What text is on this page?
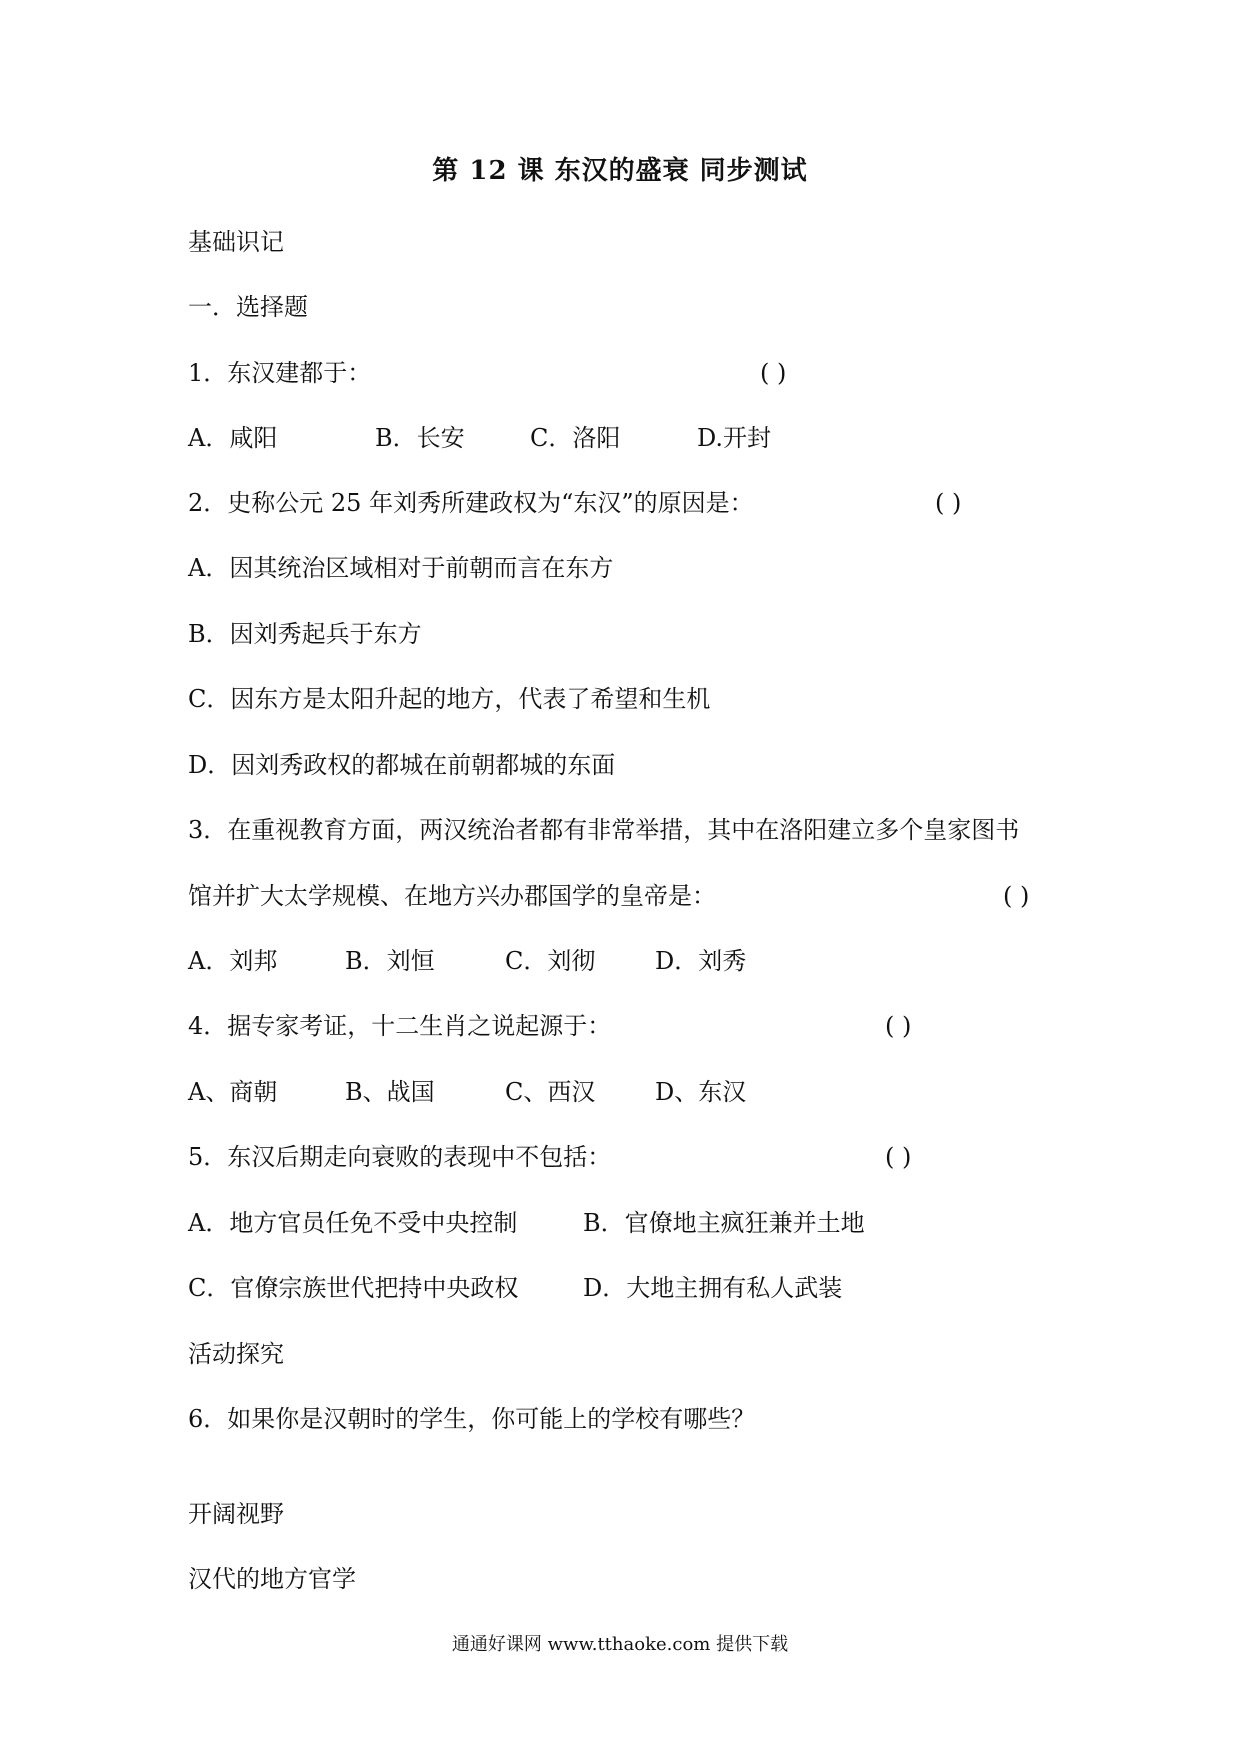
第 12 课 东汉的盛衰 同步测试
基础识记
一．选择题
1．东汉建都于：	( )
A．咸阳	B．长安	C．洛阳	D.开封
2．史称公元 25 年刘秀所建政权为“东汉”的原因是：	( )
A．因其统治区域相对于前朝而言在东方
B．因刘秀起兵于东方
C．因东方是太阳升起的地方，代表了希望和生机
D．因刘秀政权的都城在前朝都城的东面
3．在重视教育方面，两汉统治者都有非常举措，其中在洛阳建立多个皇家图书
馆并扩大太学规模、在地方兴办郡国学的皇帝是：	( )
A．刘邦	B．刘恒	C．刘彻 D．刘秀
4．据专家考证，十二生肖之说起源于：	( )
A、商朝	B、战国	C、西汉 D、东汉
5．东汉后期走向衰败的表现中不包括：	( )
A．地方官员任免不受中央控制	B．官僚地主疯狂兼并土地
C．官僚宗族世代把持中央政权	D．大地主拥有私人武装
活动探究
6．如果你是汉朝时的学生，你可能上的学校有哪些？
开阔视野
汉代的地方官学
通通好课网 www.tthaoke.com 提供下载
